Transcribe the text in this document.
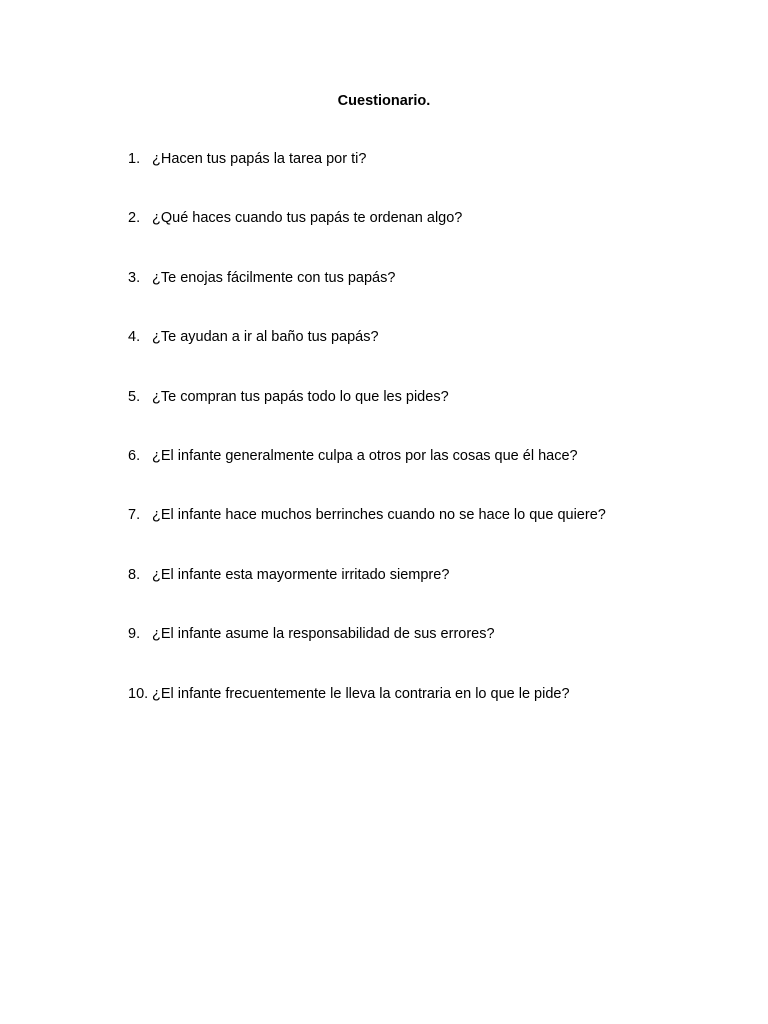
Cuestionario.
1. ¿Hacen tus papás la tarea por ti?
2. ¿Qué haces cuando tus papás te ordenan algo?
3. ¿Te enojas fácilmente con tus papás?
4. ¿Te ayudan a ir al baño tus papás?
5. ¿Te compran tus papás todo lo que les pides?
6. ¿El infante generalmente culpa a otros por las cosas que él hace?
7. ¿El infante hace muchos berrinches cuando no se hace lo que quiere?
8. ¿El infante esta mayormente irritado siempre?
9. ¿El infante asume la responsabilidad de sus errores?
10. ¿El infante frecuentemente le lleva la contraria en lo que le pide?
